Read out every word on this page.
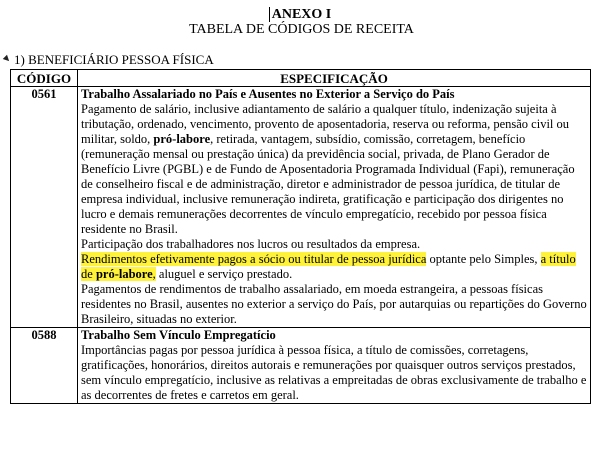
ANEXO I
TABELA DE CÓDIGOS DE RECEITA
1) BENEFICIÁRIO PESSOA FÍSICA
CÓDIGO	ESPECIFICAÇÃO
0561	Trabalho Assalariado no País e Ausentes no Exterior a Serviço do País
Pagamento de salário, inclusive adiantamento de salário a qualquer título, indenização sujeita à tributação, ordenado, vencimento, provento de aposentadoria, reserva ou reforma, pensão civil ou militar, soldo, pró-labore, retirada, vantagem, subsídio, comissão, corretagem, benefício (remuneração mensal ou prestação única) da previdência social, privada, de Plano Gerador de Benefício Livre (PGBL) e de Fundo de Aposentadoria Programada Individual (Fapi), remuneração de conselheiro fiscal e de administração, diretor e administrador de pessoa jurídica, de titular de empresa individual, inclusive remuneração indireta, gratificação e participação dos dirigentes no lucro e demais remunerações decorrentes de vínculo empregatício, recebido por pessoa física residente no Brasil.
Participação dos trabalhadores nos lucros ou resultados da empresa.
Rendimentos efetivamente pagos a sócio ou titular de pessoa jurídica optante pelo Simples, a título de pró-labore, aluguel e serviço prestado.
Pagamentos de rendimentos de trabalho assalariado, em moeda estrangeira, a pessoas físicas residentes no Brasil, ausentes no exterior a serviço do País, por autarquias ou repartições do Governo Brasileiro, situadas no exterior.

0588	Trabalho Sem Vínculo Empregatício
Importâncias pagas por pessoa jurídica à pessoa física, a título de comissões, corretagens, gratificações, honorários, direitos autorais e remunerações por quaisquer outros serviços prestados, sem vínculo empregatício, inclusive as relativas a empreitadas de obras exclusivamente de trabalho e as decorrentes de fretes e carretos em geral.
